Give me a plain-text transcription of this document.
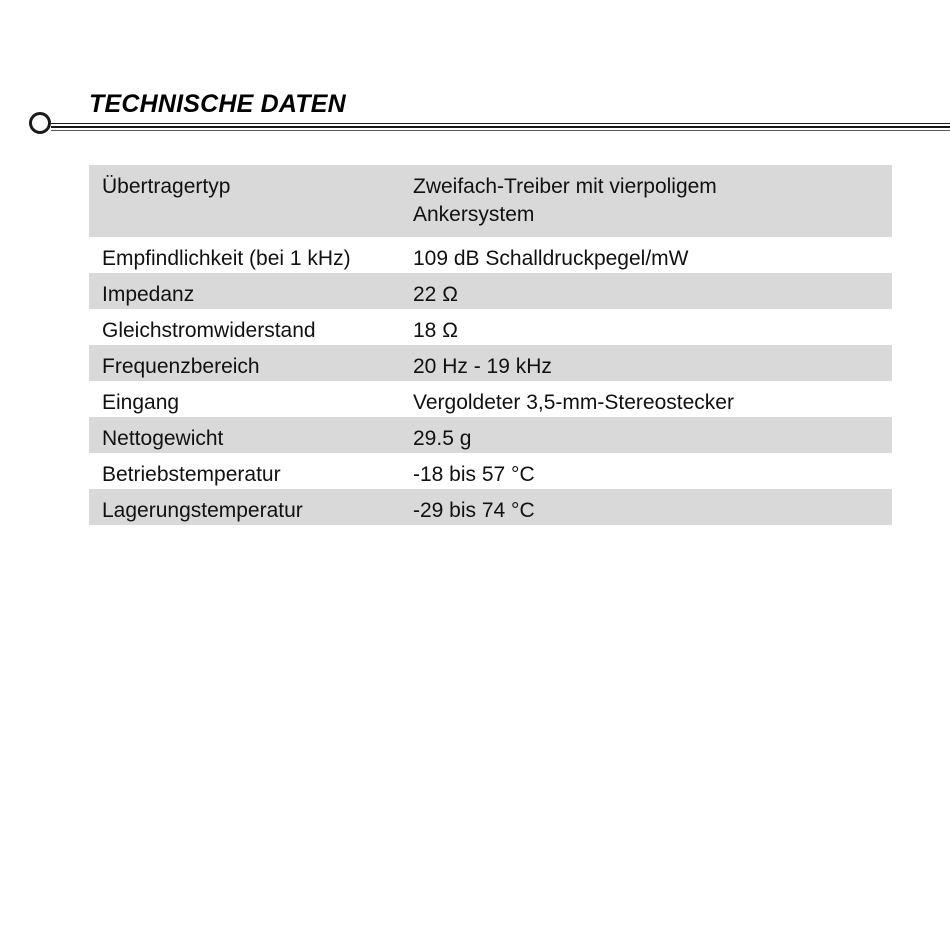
TECHNISCHE DATEN
Übertragertyp	Zweifach-Treiber mit vierpoligem Ankersystem
Empfindlichkeit (bei 1 kHz)	109 dB Schalldruckpegel/mW
Impedanz	22 Ω
Gleichstromwiderstand	18 Ω
Frequenzbereich	20 Hz - 19 kHz
Eingang	Vergoldeter 3,5-mm-Stereostecker
Nettogewicht	29.5 g
Betriebstemperatur	-18 bis 57 °C
Lagerungstemperatur	-29 bis 74 °C
